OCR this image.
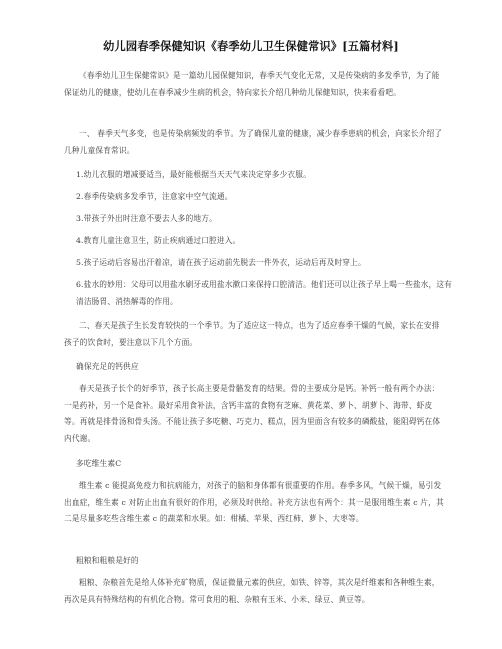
幼儿园春季保健知识《春季幼儿卫生保健常识》[五篇材料]
《春季幼儿卫生保健常识》是一篇幼儿园保健知识，春季天气变化无常，又是传染病的多发季节，为了能保证幼儿的健康，使幼儿在春季减少生病的机会，特向家长介绍几种幼儿保健知识，快来看看吧。
一、 春季天气多变，也是传染病频发的季节。为了确保儿童的健康，减少春季患病的机会，向家长介绍了几种儿童保育常识。
1.幼儿衣服的增减要适当，最好能根据当天天气来决定穿多少衣服。
2.春季传染病多发季节，注意家中空气流通。
3.带孩子外出时注意不要去人多的地方。
4.教育儿童注意卫生，防止疾病通过口腔进入。
5.孩子运动后容易出汗着凉，请在孩子运动前先脱去一件外衣，运动后再及时穿上。
6.盐水的妙用：父母可以用盐水刷牙或用盐水漱口来保持口腔清洁。他们还可以让孩子早上喝一些盐水，这有清洁肠胃、消热解毒的作用。
二、春天是孩子生长发育较快的一个季节。为了适应这一特点，也为了适应春季干燥的气候，家长在安排孩子的饮食时，要注意以下几个方面。
确保充足的钙供应
春天是孩子长个的好季节，孩子长高主要是骨骼发育的结果。骨的主要成分是钙。补钙一般有两个办法：一是药补，另一个是食补。最好采用食补法，含钙丰富的食物有芝麻、黄花菜、萝卜、胡萝卜、海带、虾皮等。再就是排骨汤和骨头汤。不能让孩子多吃糖、巧克力、糕点，因为里面含有较多的磷酸盐，能阻碍钙在体内代谢。
多吃维生素C
维生素 c 能提高免疫力和抗病能力，对孩子的脑和身体都有很重要的作用。春季多风，气候干燥，易引发出血症，维生素 c 对防止出血有很好的作用，必须及时供给。补充方法也有两个：其一是服用维生素 c 片，其二是尽量多吃些含维生素 c 的蔬菜和水果。如：柑橘、苹果、西红柿、萝卜、大枣等。
粗粮和粗粮是好的
粗粮、杂粮首先是给人体补充矿物质，保证微量元素的供应，如铁、锌等，其次是纤维素和各种维生素，再次是具有特殊结构的有机化合物。常可食用的粗、杂粮有玉米、小米、绿豆、黄豆等。
